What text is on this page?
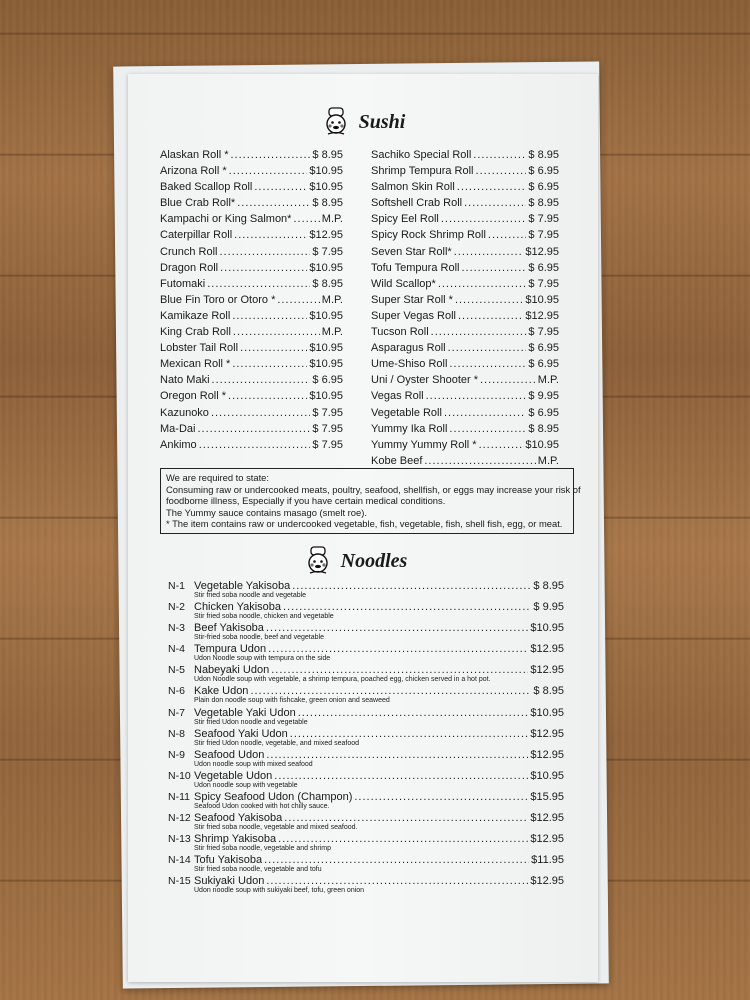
Sushi
Alaskan Roll * .....	$ 8.95
Arizona Roll * .....	$10.95
Baked Scallop Roll .....	$10.95
Blue Crab Roll* .....	$ 8.95
Kampachi or King Salmon* .....	M.P.
Caterpillar Roll .....	$12.95
Crunch Roll .....	$ 7.95
Dragon Roll .....	$10.95
Futomaki .....	$ 8.95
Blue Fin Toro or Otoro * .....	M.P.
Kamikaze Roll .....	$10.95
King Crab Roll .....	M.P.
Lobster Tail Roll .....	$10.95
Mexican Roll * .....	$10.95
Nato Maki .....	$ 6.95
Oregon Roll * .....	$10.95
Kazunoko .....	$ 7.95
Ma-Dai .....	$ 7.95
Ankimo .....	$ 7.95
Sachiko Special Roll .....	$ 8.95
Shrimp Tempura Roll .....	$ 6.95
Salmon Skin Roll .....	$ 6.95
Softshell Crab Roll .....	$ 8.95
Spicy Eel Roll .....	$ 7.95
Spicy Rock Shrimp Roll .....	$ 7.95
Seven Star Roll* .....	$12.95
Tofu Tempura Roll .....	$ 6.95
Wild Scallop* .....	$ 7.95
Super Star Roll * .....	$10.95
Super Vegas Roll .....	$12.95
Tucson Roll .....	$ 7.95
Asparagus Roll .....	$ 6.95
Ume-Shiso Roll .....	$ 6.95
Uni / Oyster Shooter * .....	M.P.
Vegas Roll .....	$ 9.95
Vegetable Roll .....	$ 6.95
Yummy Ika Roll .....	$ 8.95
Yummy Yummy Roll * .....	$10.95
Kobe Beef .....	M.P.
We are required to state:
Consuming raw or undercooked meats, poultry, seafood, shellfish, or eggs may increase your risk of
foodborne illness, Especially if you have certain medical conditions.
The Yummy sauce contains masago (smelt roe).
* The item contains raw or undercooked vegetable, fish, vegetable, fish, shell fish, egg, or meat.
Noodles
N-1 Vegetable Yakisoba .....	$ 8.95
Stir fried soba noodle and vegetable
N-2 Chicken Yakisoba .....	$ 9.95
Stir fried soba noodle, chicken and vegetable
N-3 Beef Yakisoba .....	$10.95
Stir-fried soba noodle, beef and vegetable
N-4 Tempura Udon .....	$12.95
Udon Noodle soup with tempura on the side
N-5 Nabeyaki Udon .....	$12.95
Udon Noodle soup with vegetable, a shrimp tempura, poached egg, chicken served in a hot pot.
N-6 Kake Udon .....	$ 8.95
Plain don noodle soup with fishcake, green onion and seaweed
N-7 Vegetable Yaki Udon .....	$10.95
Stir fried Udon noodle and vegetable
N-8 Seafood Yaki Udon .....	$12.95
Stir fried Udon noodle, vegetable, and mixed seafood
N-9 Seafood Udon .....	$12.95
Udon noodle soup with mixed seafood
N-10 Vegetable Udon .....	$10.95
Udon noodle soup with vegetable
N-11 Spicy Seafood Udon (Champon) .....	$15.95
Seafood Udon cooked with hot chilly sauce.
N-12 Seafood Yakisoba .....	$12.95
Stir fried soba noodle, vegetable and mixed seafood.
N-13 Shrimp Yakisoba .....	$12.95
Stir fried soba noodle, vegetable and shrimp
N-14 Tofu Yakisoba .....	$11.95
Stir fried soba noodle, vegetable and tofu
N-15 Sukiyaki Udon .....	$12.95
Udon noodle soup with sukiyaki beef, tofu, green onion
